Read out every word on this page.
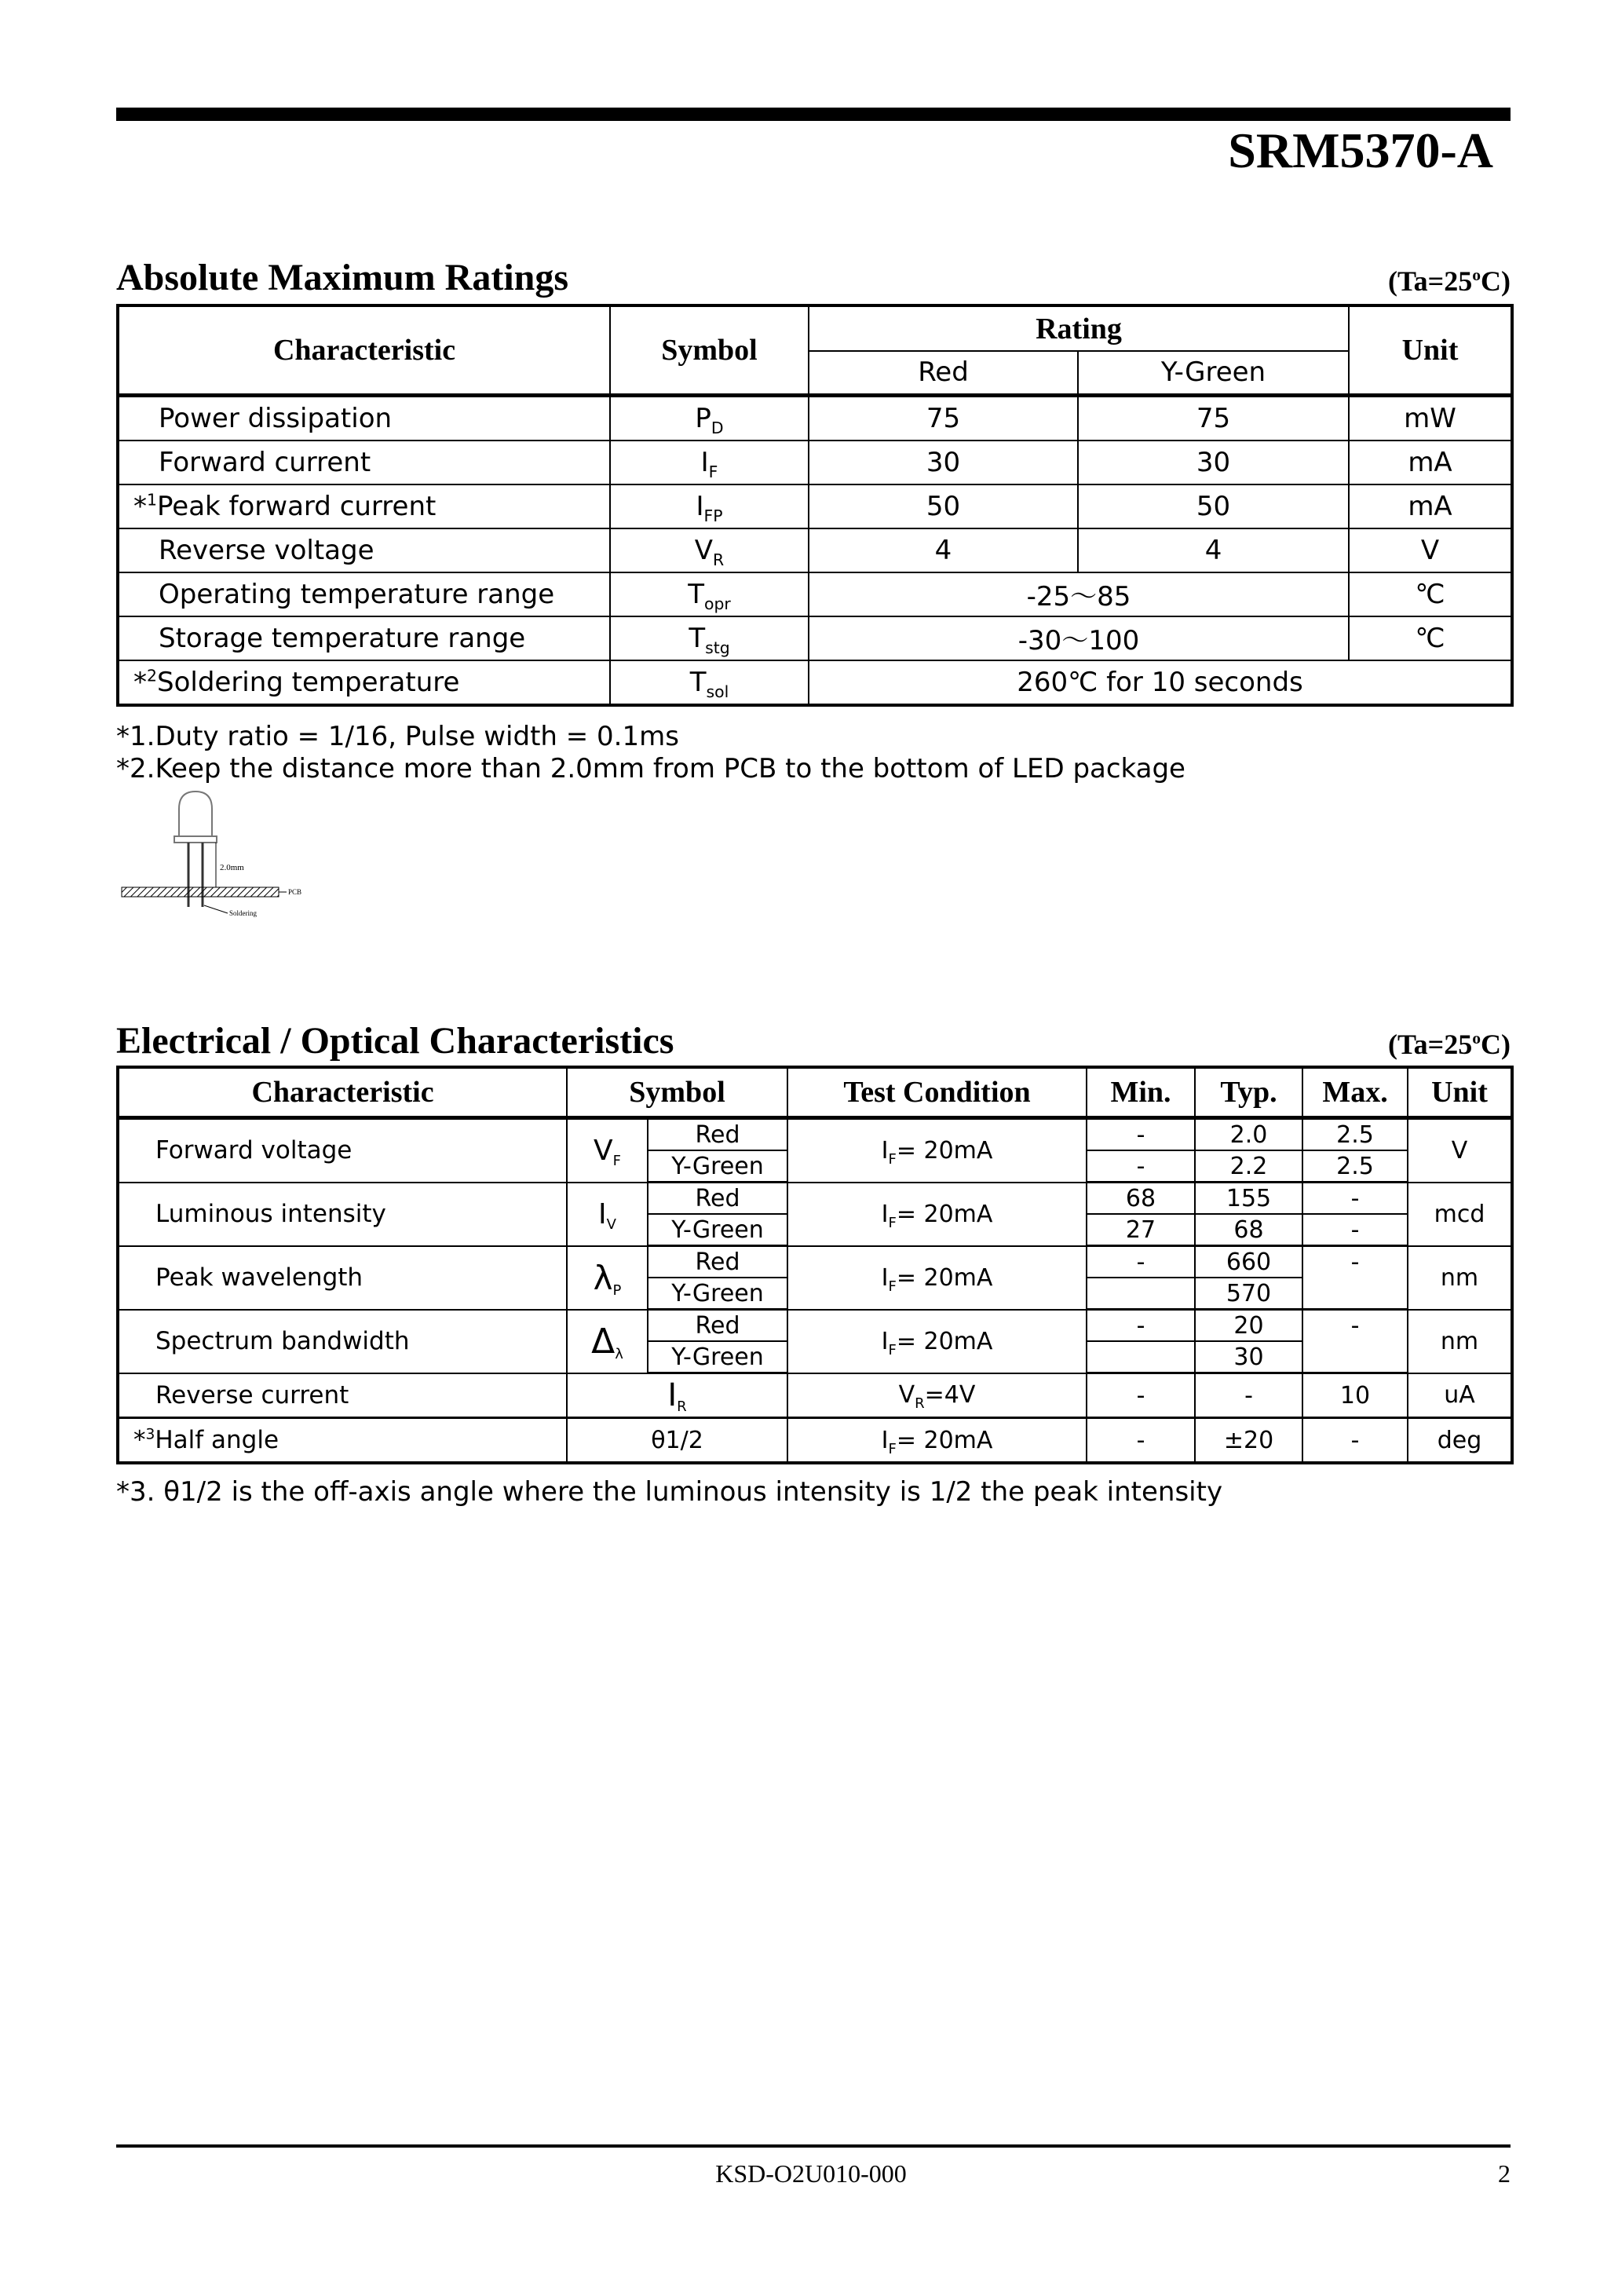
SRM5370-A
Absolute Maximum Ratings	$(Ta=25^oC)$
Characteristic	Symbol	Rating		Unit
		Red	Y-Green	
Power dissipation	$P_D$	75	75	mW
Forward current	$I_F$	30	30	mA
*$^1$Peak forward current	$I_{FP}$	50	50	mA
Reverse voltage	$V_R$	4	4	V
Operating temperature range	$T_{opr}$	-25～85		℃
Storage temperature range	$T_{stg}$	-30～100		℃
*$^2$Soldering temperature	$T_{sol}$	260℃ for 10 seconds		
*1.Duty ratio = 1/16, Pulse width = 0.1ms
*2.Keep the distance more than 2.0mm from PCB to the bottom of LED package
2.0mm
PCB
Soldering
Electrical / Optical Characteristics	$(Ta=25^oC)$
Characteristic	Symbol		Test Condition	Min.	Typ.	Max.	Unit
Forward voltage	$V_F$	Red	$I_F= 20mA$	-	2.0	2.5	V
		Y-Green		-	2.2	2.5	
Luminous intensity	$I_V$	Red	$I_F= 20mA$	68	155	-	mcd
		Y-Green		27	68	-	
Peak wavelength	$\lambda_P$	Red	$I_F= 20mA$	-	660	-	nm
		Y-Green			570		
Spectrum bandwidth	$\Delta_\lambda$	Red	$I_F= 20mA$	-	20	-	nm
		Y-Green			30		
Reverse current	$I_R$		$V_R=4V$	-	-	10	uA
*$^3$Half angle	θ1/2		$I_F= 20mA$	-	±20	-	deg
*3. θ1/2 is the off-axis angle where the luminous intensity is 1/2 the peak intensity
KSD-O2U010-000	2
